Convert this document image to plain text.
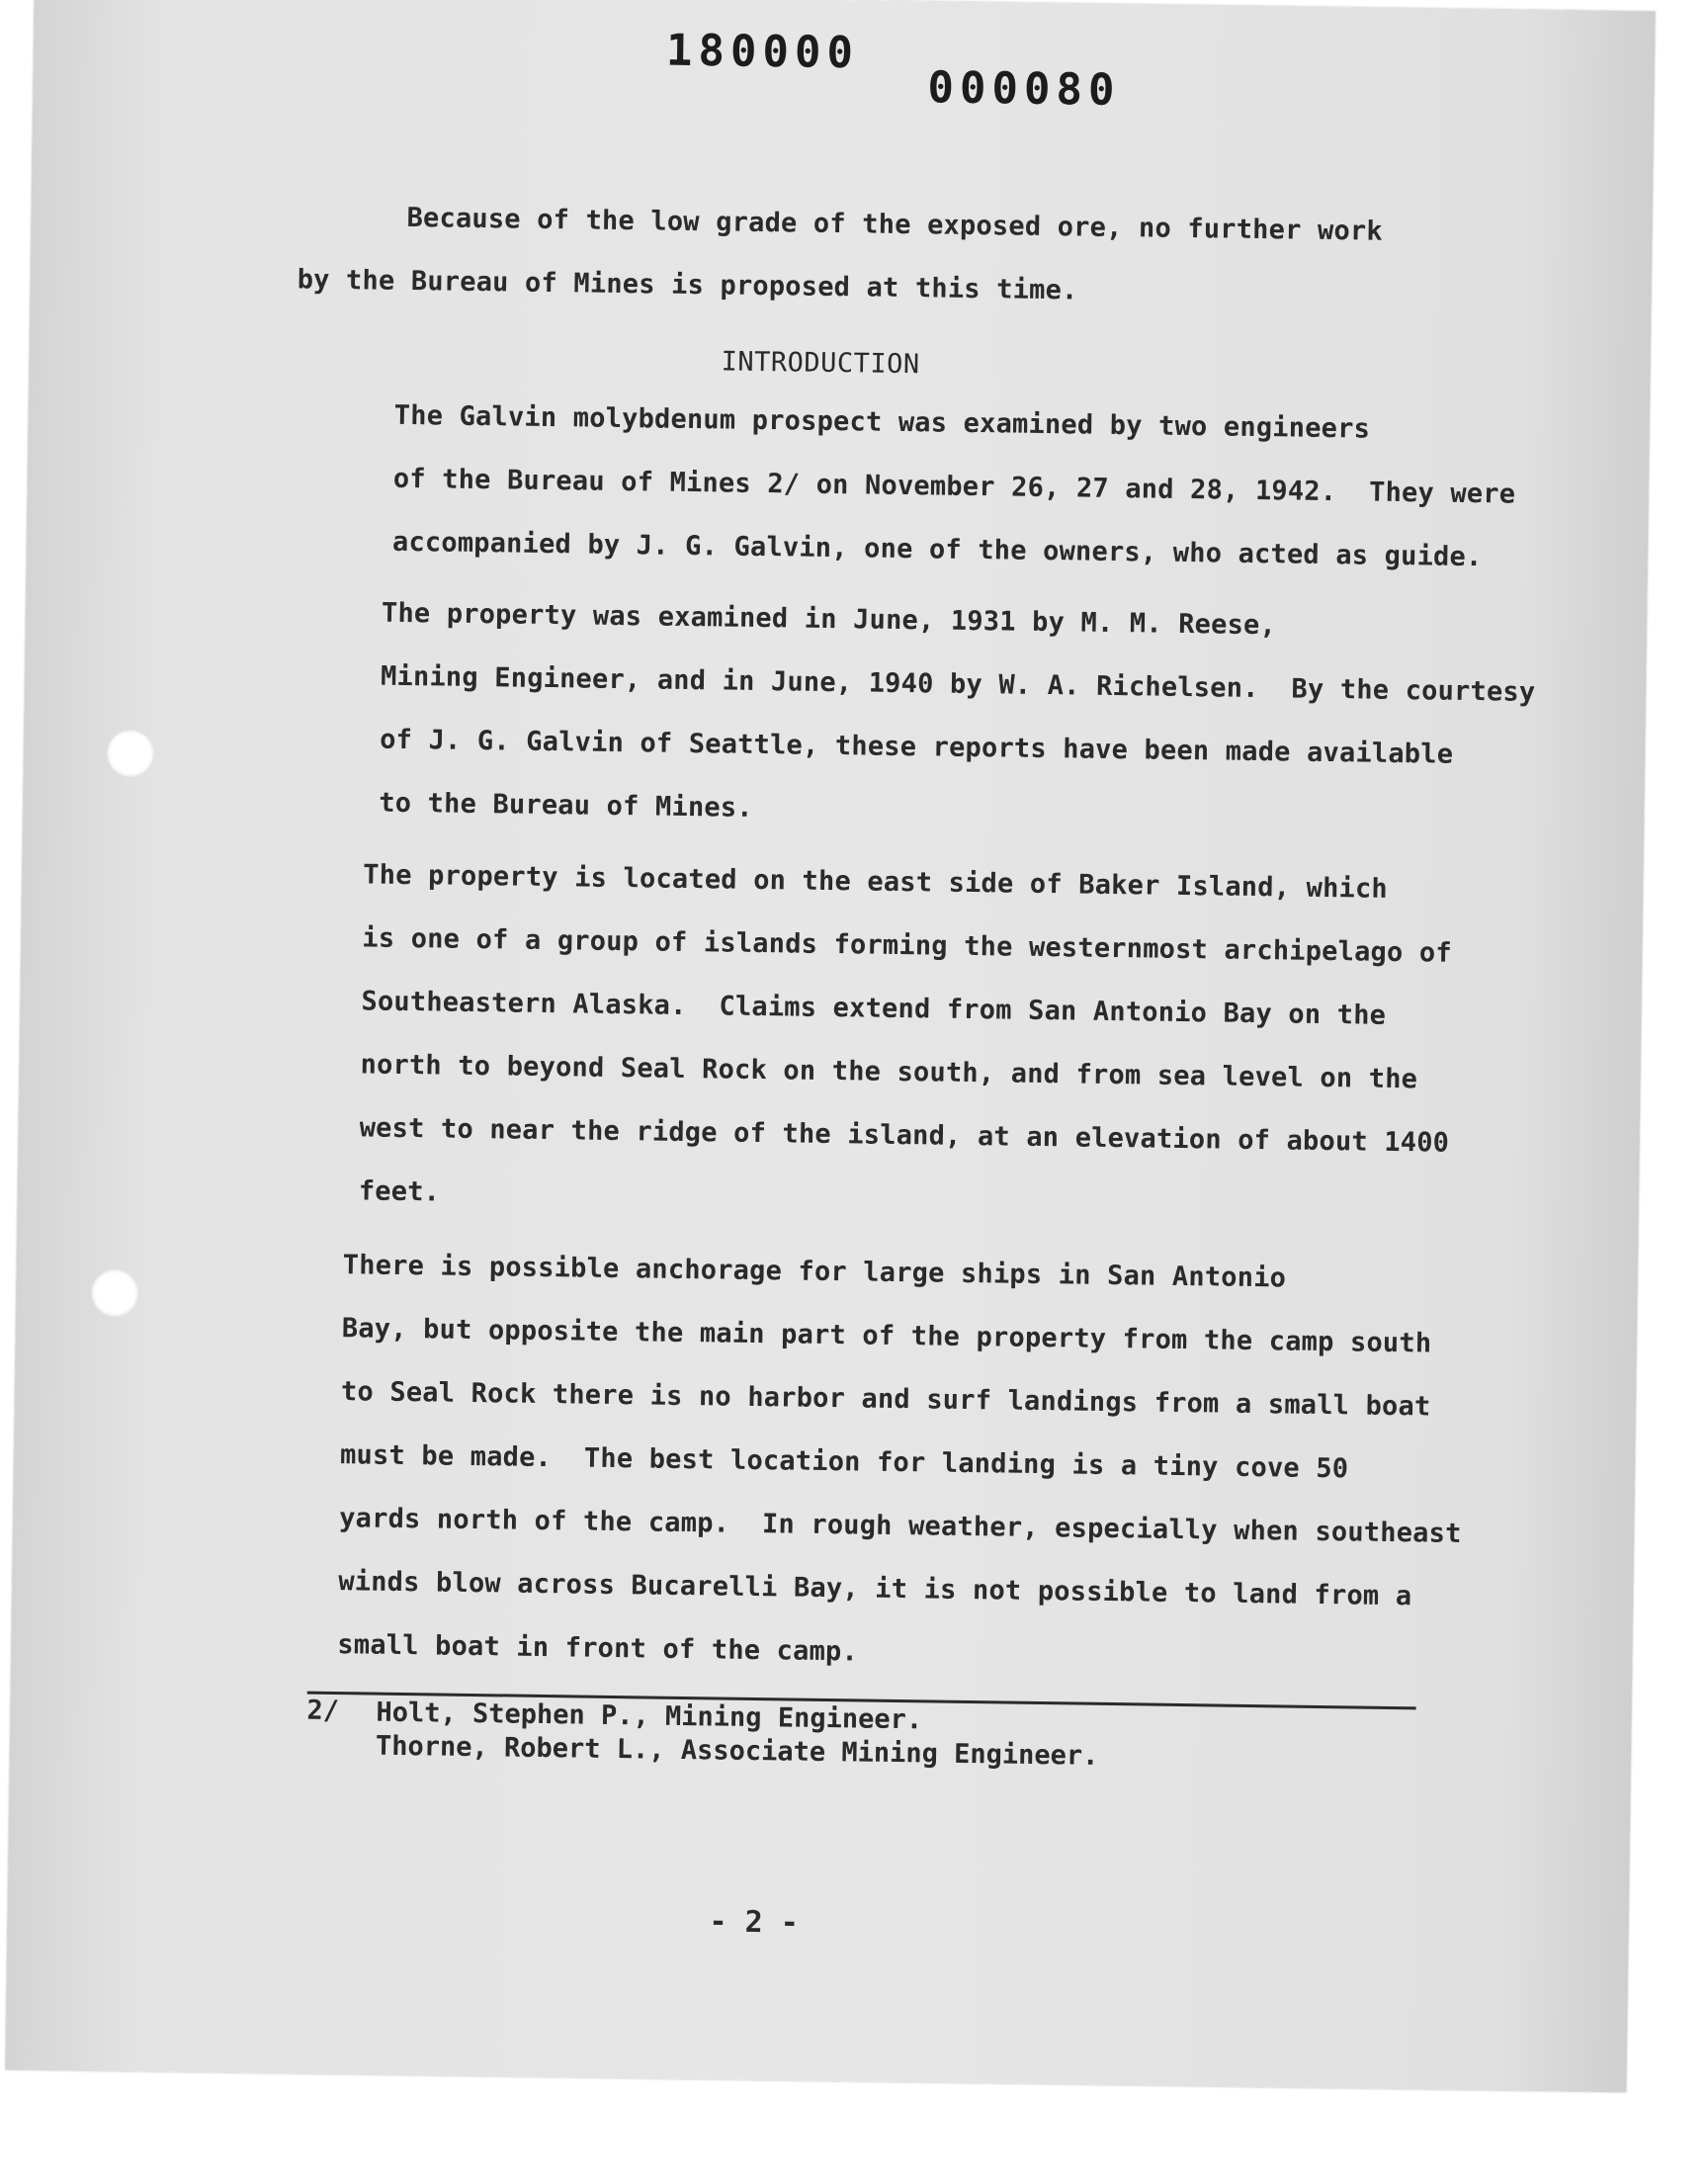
180000
000080

Because of the low grade of the exposed ore, no further work
by the Bureau of Mines is proposed at this time.

INTRODUCTION

The Galvin molybdenum prospect was examined by two engineers
of the Bureau of Mines 2/ on November 26, 27 and 28, 1942.  They were
accompanied by J. G. Galvin, one of the owners, who acted as guide.

The property was examined in June, 1931 by M. M. Reese,
Mining Engineer, and in June, 1940 by W. A. Richelsen.  By the courtesy
of J. G. Galvin of Seattle, these reports have been made available
to the Bureau of Mines.

The property is located on the east side of Baker Island, which
is one of a group of islands forming the westernmost archipelago of
Southeastern Alaska.  Claims extend from San Antonio Bay on the
north to beyond Seal Rock on the south, and from sea level on the
west to near the ridge of the island, at an elevation of about 1400
feet.

There is possible anchorage for large ships in San Antonio
Bay, but opposite the main part of the property from the camp south
to Seal Rock there is no harbor and surf landings from a small boat
must be made.  The best location for landing is a tiny cove 50
yards north of the camp.  In rough weather, especially when southeast
winds blow across Bucarelli Bay, it is not possible to land from a
small boat in front of the camp.

2/ Holt, Stephen P., Mining Engineer.
Thorne, Robert L., Associate Mining Engineer.

- 2 -
